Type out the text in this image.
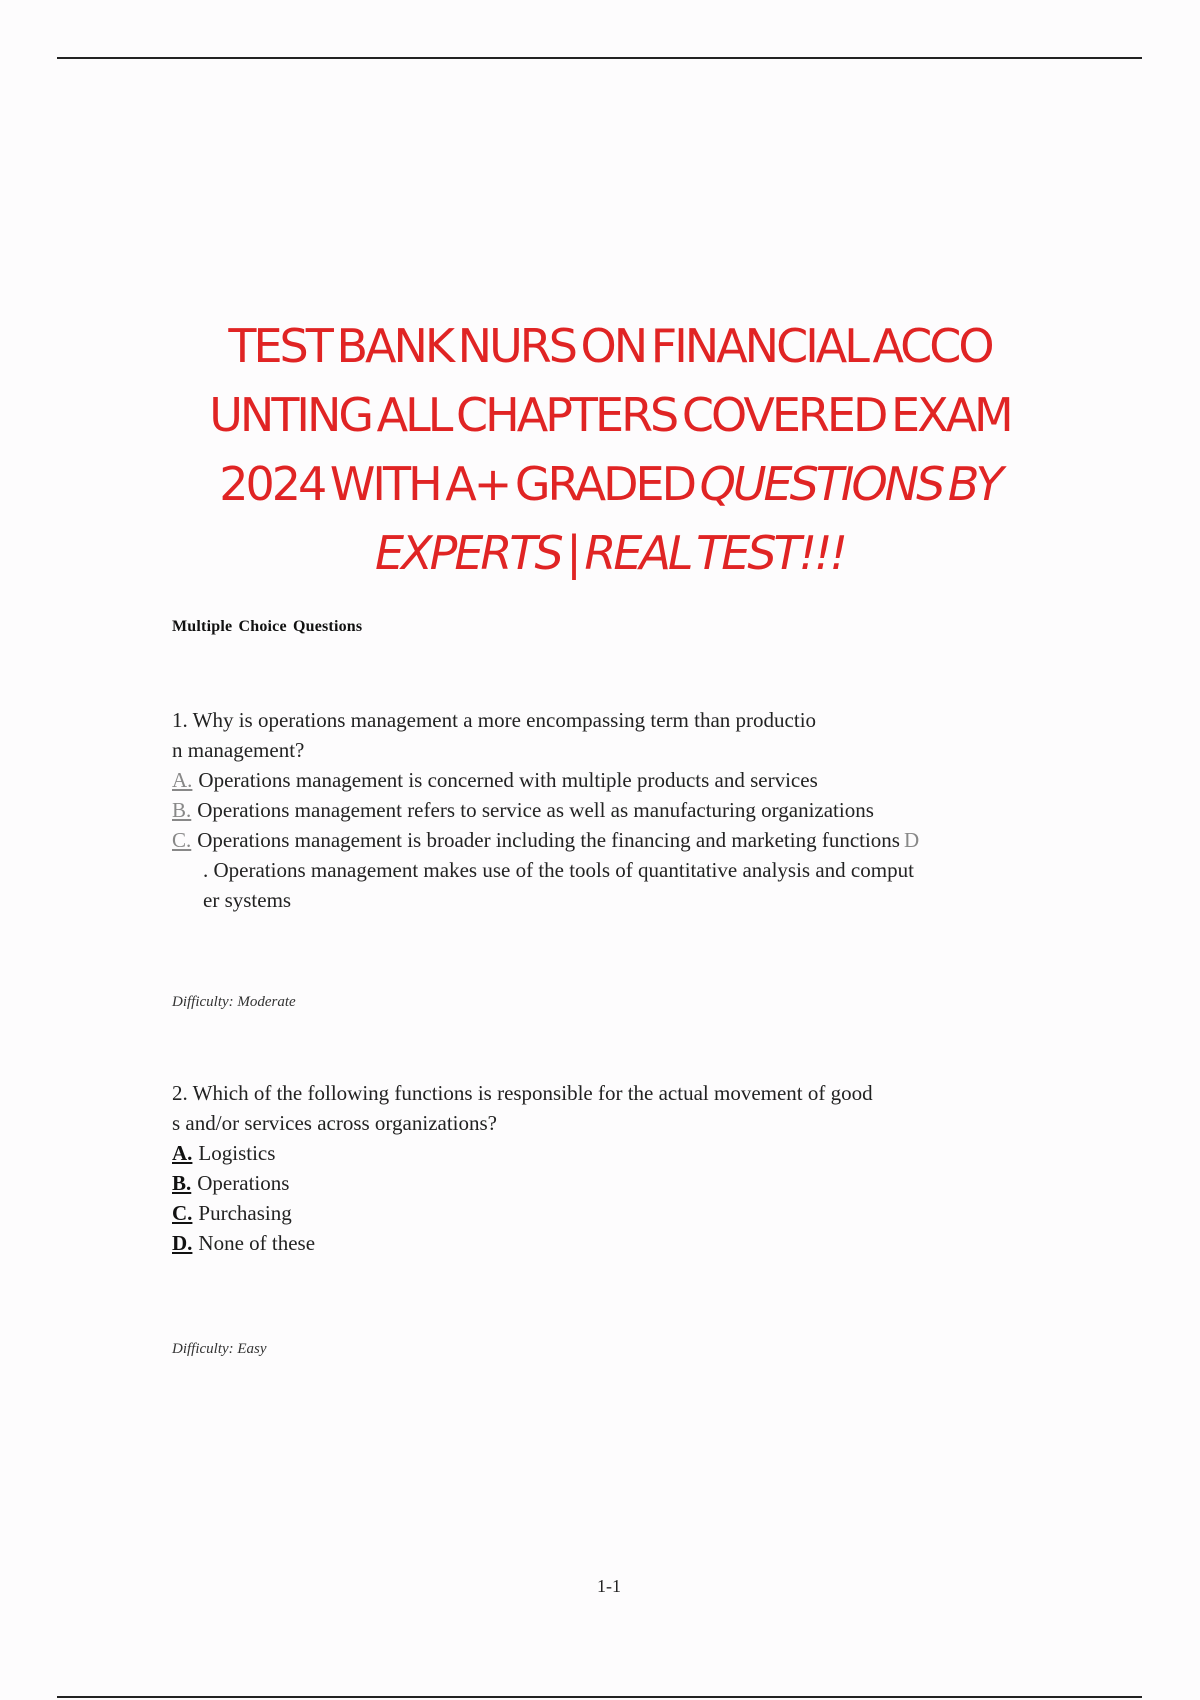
TEST BANK NURS ON FINANCIAL ACCO
UNTING ALL CHAPTERS COVERED EXAM
2024 WITH A+ GRADED QUESTIONS BY
EXPERTS | REAL TEST!!!
Multiple Choice Questions
1. Why is operations management a more encompassing term than productio
n management?
A. Operations management is concerned with multiple products and services
B. Operations management refers to service as well as manufacturing organizations
C. Operations management is broader including the financing and marketing functions D
. Operations management makes use of the tools of quantitative analysis and comput
er systems
Difficulty: Moderate
2. Which of the following functions is responsible for the actual movement of good
s and/or services across organizations?
A. Logistics
B. Operations
C. Purchasing
D. None of these
Difficulty: Easy
1-1
